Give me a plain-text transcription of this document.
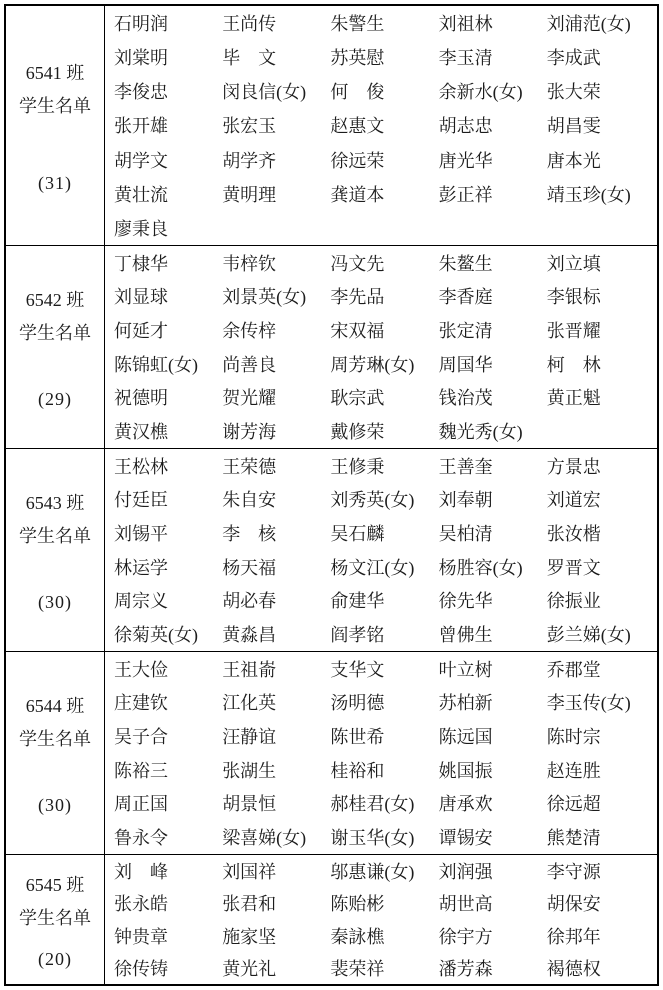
6541 班
学生名单
(31)
石明润	王尚传	朱警生	刘祖林	刘浦范(女)
刘棠明	毕　文	苏英慰	李玉清	李成武
李俊忠	闵良信(女)	何　俊	余新水(女)	张大荣
张开雄	张宏玉	赵惠文	胡志忠	胡昌雯
胡学文	胡学齐	徐远荣	唐光华	唐本光
黄壮流	黄明理	龚道本	彭正祥	靖玉珍(女)
廖秉良
6542 班
学生名单
(29)
丁棣华	韦梓钦	冯文先	朱鳌生	刘立填
刘显球	刘景英(女)	李先品	李香庭	李银标
何延才	余传梓	宋双福	张定清	张晋耀
陈锦虹(女)	尚善良	周芳琳(女)	周国华	柯　林
祝德明	贺光耀	耿宗武	钱治茂	黄正魁
黄汉樵	谢芳海	戴修荣	魏光秀(女)
6543 班
学生名单
(30)
王松林	王荣德	王修秉	王善奎	方景忠
付廷臣	朱自安	刘秀英(女)	刘奉朝	刘道宏
刘锡平	李　核	吴石麟	吴柏清	张汝楷
林运学	杨天福	杨文江(女)	杨胜容(女)	罗晋文
周宗义	胡必春	俞建华	徐先华	徐振业
徐菊英(女)	黄淼昌	阎孝铭	曾佛生	彭兰娣(女)
6544 班
学生名单
(30)
王大俭	王祖嵛	支华文	叶立树	乔郡堂
庄建钦	江化英	汤明德	苏柏新	李玉传(女)
吴子合	汪静谊	陈世希	陈远国	陈时宗
陈裕三	张湖生	桂裕和	姚国振	赵连胜
周正国	胡景恒	郝桂君(女)	唐承欢	徐远超
鲁永令	梁喜娣(女)	谢玉华(女)	谭锡安	熊楚清
6545 班
学生名单
(20)
刘　峰	刘国祥	邬惠谦(女)	刘润强	李守源
张永皓	张君和	陈贻彬	胡世高	胡保安
钟贵章	施家坚	秦詠樵	徐宇方	徐邦年
徐传铸	黄光礼	裴荣祥	潘芳森	褐德权
